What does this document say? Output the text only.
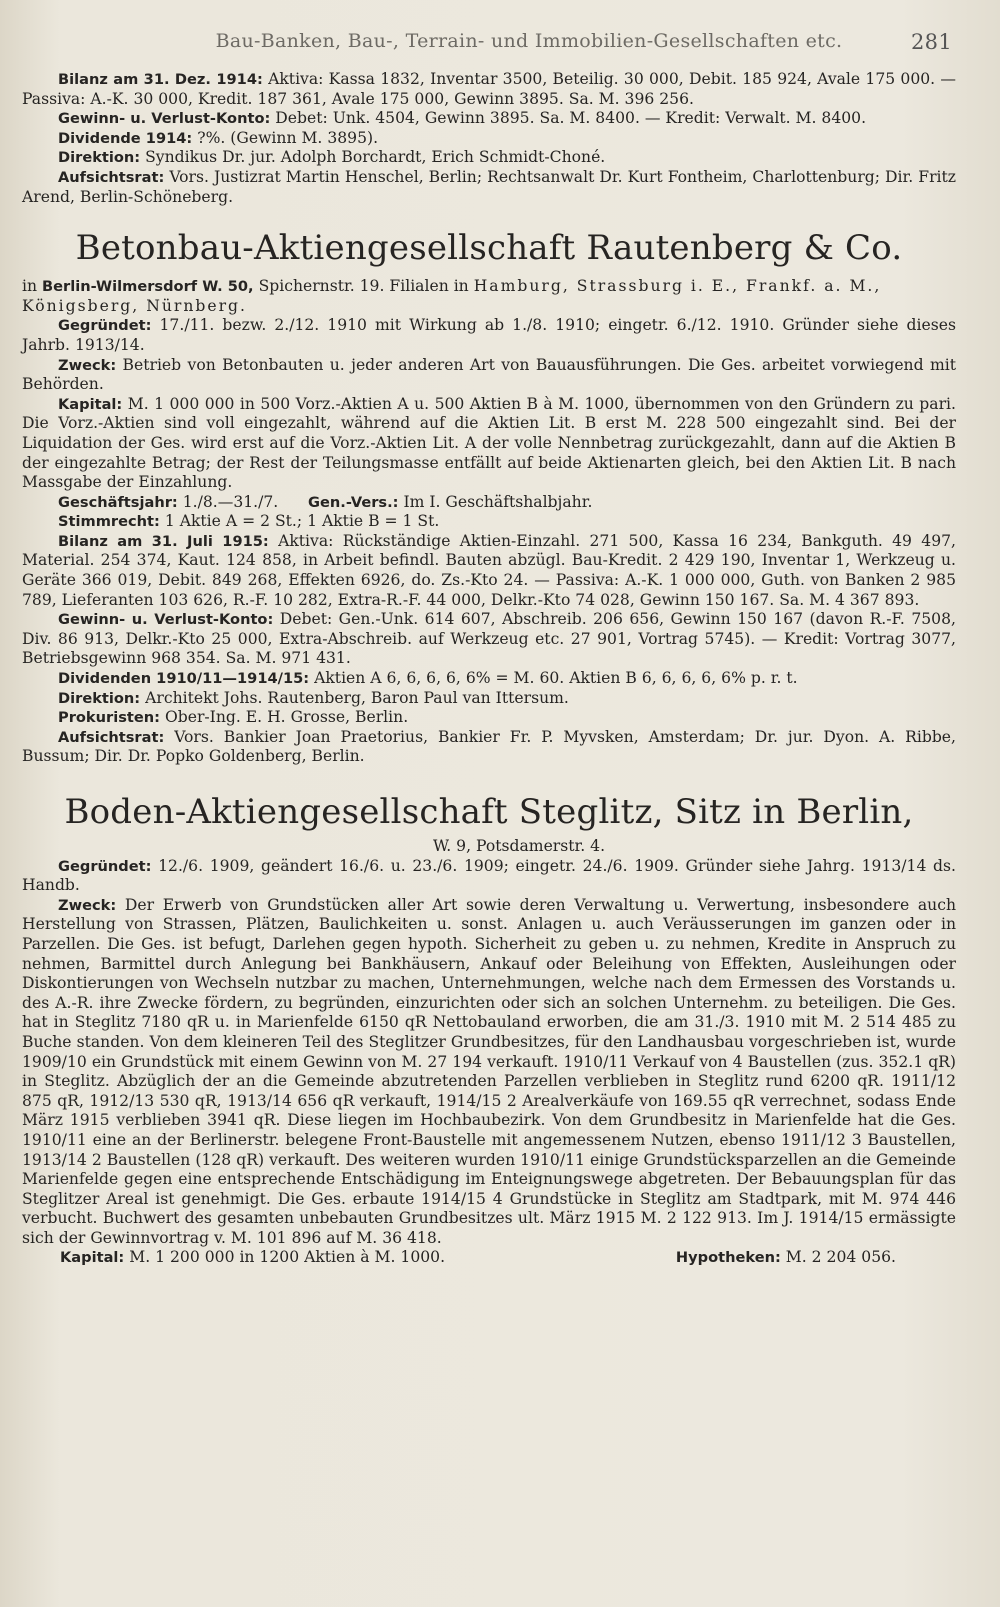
Bau-Banken, Bau-, Terrain- und Immobilien-Gesellschaften etc.	281

Bilanz am 31. Dez. 1914: Aktiva: Kassa 1832, Inventar 3500, Beteilig. 30 000, Debit. 185 924, Avale 175 000. — Passiva: A.-K. 30 000, Kredit. 187 361, Avale 175 000, Gewinn 3895. Sa. M. 396 256.

Gewinn- u. Verlust-Konto: Debet: Unk. 4504, Gewinn 3895. Sa. M. 8400. — Kredit: Verwalt. M. 8400.

Dividende 1914: ?%. (Gewinn M. 3895).

Direktion: Syndikus Dr. jur. Adolph Borchardt, Erich Schmidt-Choné.

Aufsichtsrat: Vors. Justizrat Martin Henschel, Berlin; Rechtsanwalt Dr. Kurt Fontheim, Charlottenburg; Dir. Fritz Arend, Berlin-Schöneberg.

Betonbau-Aktiengesellschaft Rautenberg & Co.

in Berlin-Wilmersdorf W. 50, Spichernstr. 19. Filialen in Hamburg, Strassburg i. E., Frankf. a. M., Königsberg, Nürnberg.

Gegründet: 17./11. bezw. 2./12. 1910 mit Wirkung ab 1./8. 1910; eingetr. 6./12. 1910. Gründer siehe dieses Jahrb. 1913/14.

Zweck: Betrieb von Betonbauten u. jeder anderen Art von Bauausführungen. Die Ges. arbeitet vorwiegend mit Behörden.

Kapital: M. 1 000 000 in 500 Vorz.-Aktien A u. 500 Aktien B à M. 1000, übernommen von den Gründern zu pari. Die Vorz.-Aktien sind voll eingezahlt, während auf die Aktien Lit. B erst M. 228 500 eingezahlt sind. Bei der Liquidation der Ges. wird erst auf die Vorz.-Aktien Lit. A der volle Nennbetrag zurückgezahlt, dann auf die Aktien B der eingezahlte Betrag; der Rest der Teilungsmasse entfällt auf beide Aktienarten gleich, bei den Aktien Lit. B nach Massgabe der Einzahlung.

Geschäftsjahr: 1./8.—31./7. Gen.-Vers.: Im I. Geschäftshalbjahr.

Stimmrecht: 1 Aktie A = 2 St.; 1 Aktie B = 1 St.

Bilanz am 31. Juli 1915: Aktiva: Rückständige Aktien-Einzahl. 271 500, Kassa 16 234, Bankguth. 49 497, Material. 254 374, Kaut. 124 858, in Arbeit befindl. Bauten abzügl. Bau-Kredit. 2 429 190, Inventar 1, Werkzeug u. Geräte 366 019, Debit. 849 268, Effekten 6926, do. Zs.-Kto 24. — Passiva: A.-K. 1 000 000, Guth. von Banken 2 985 789, Lieferanten 103 626, R.-F. 10 282, Extra-R.-F. 44 000, Delkr.-Kto 74 028, Gewinn 150 167. Sa. M. 4 367 893.

Gewinn- u. Verlust-Konto: Debet: Gen.-Unk. 614 607, Abschreib. 206 656, Gewinn 150 167 (davon R.-F. 7508, Div. 86 913, Delkr.-Kto 25 000, Extra-Abschreib. auf Werkzeug etc. 27 901, Vortrag 5745). — Kredit: Vortrag 3077, Betriebsgewinn 968 354. Sa. M. 971 431.

Dividenden 1910/11—1914/15: Aktien A 6, 6, 6, 6, 6% = M. 60. Aktien B 6, 6, 6, 6, 6% p. r. t.

Direktion: Architekt Johs. Rautenberg, Baron Paul van Ittersum.

Prokuristen: Ober-Ing. E. H. Grosse, Berlin.

Aufsichtsrat: Vors. Bankier Joan Praetorius, Bankier Fr. P. Myvsken, Amsterdam; Dr. jur. Dyon. A. Ribbe, Bussum; Dir. Dr. Popko Goldenberg, Berlin.

Boden-Aktiengesellschaft Steglitz, Sitz in Berlin,

W. 9, Potsdamerstr. 4.

Gegründet: 12./6. 1909, geändert 16./6. u. 23./6. 1909; eingetr. 24./6. 1909. Gründer siehe Jahrg. 1913/14 ds. Handb.

Zweck: Der Erwerb von Grundstücken aller Art sowie deren Verwaltung u. Verwertung, insbesondere auch Herstellung von Strassen, Plätzen, Baulichkeiten u. sonst. Anlagen u. auch Veräusserungen im ganzen oder in Parzellen. Die Ges. ist befugt, Darlehen gegen hypoth. Sicherheit zu geben u. zu nehmen, Kredite in Anspruch zu nehmen, Barmittel durch Anlegung bei Bankhäusern, Ankauf oder Beleihung von Effekten, Ausleihungen oder Diskontierungen von Wechseln nutzbar zu machen, Unternehmungen, welche nach dem Ermessen des Vorstands u. des A.-R. ihre Zwecke fördern, zu begründen, einzurichten oder sich an solchen Unternehm. zu beteiligen. Die Ges. hat in Steglitz 7180 qR u. in Marienfelde 6150 qR Nettobauland erworben, die am 31./3. 1910 mit M. 2 514 485 zu Buche standen. Von dem kleineren Teil des Steglitzer Grundbesitzes, für den Landhausbau vorgeschrieben ist, wurde 1909/10 ein Grundstück mit einem Gewinn von M. 27 194 verkauft. 1910/11 Verkauf von 4 Baustellen (zus. 352.1 qR) in Steglitz. Abzüglich der an die Gemeinde abzutretenden Parzellen verblieben in Steglitz rund 6200 qR. 1911/12 875 qR, 1912/13 530 qR, 1913/14 656 qR verkauft, 1914/15 2 Arealverkäufe von 169.55 qR verrechnet, sodass Ende März 1915 verblieben 3941 qR. Diese liegen im Hochbaubezirk. Von dem Grundbesitz in Marienfelde hat die Ges. 1910/11 eine an der Berlinerstr. belegene Front-Baustelle mit angemessenem Nutzen, ebenso 1911/12 3 Baustellen, 1913/14 2 Baustellen (128 qR) verkauft. Des weiteren wurden 1910/11 einige Grundstücksparzellen an die Gemeinde Marienfelde gegen eine entsprechende Entschädigung im Enteignungswege abgetreten. Der Bebauungsplan für das Steglitzer Areal ist genehmigt. Die Ges. erbaute 1914/15 4 Grundstücke in Steglitz am Stadtpark, mit M. 974 446 verbucht. Buchwert des gesamten unbebauten Grundbesitzes ult. März 1915 M. 2 122 913. Im J. 1914/15 ermässigte sich der Gewinnvortrag v. M. 101 896 auf M. 36 418.

Kapital: M. 1 200 000 in 1200 Aktien à M. 1000.	Hypotheken: M. 2 204 056.
